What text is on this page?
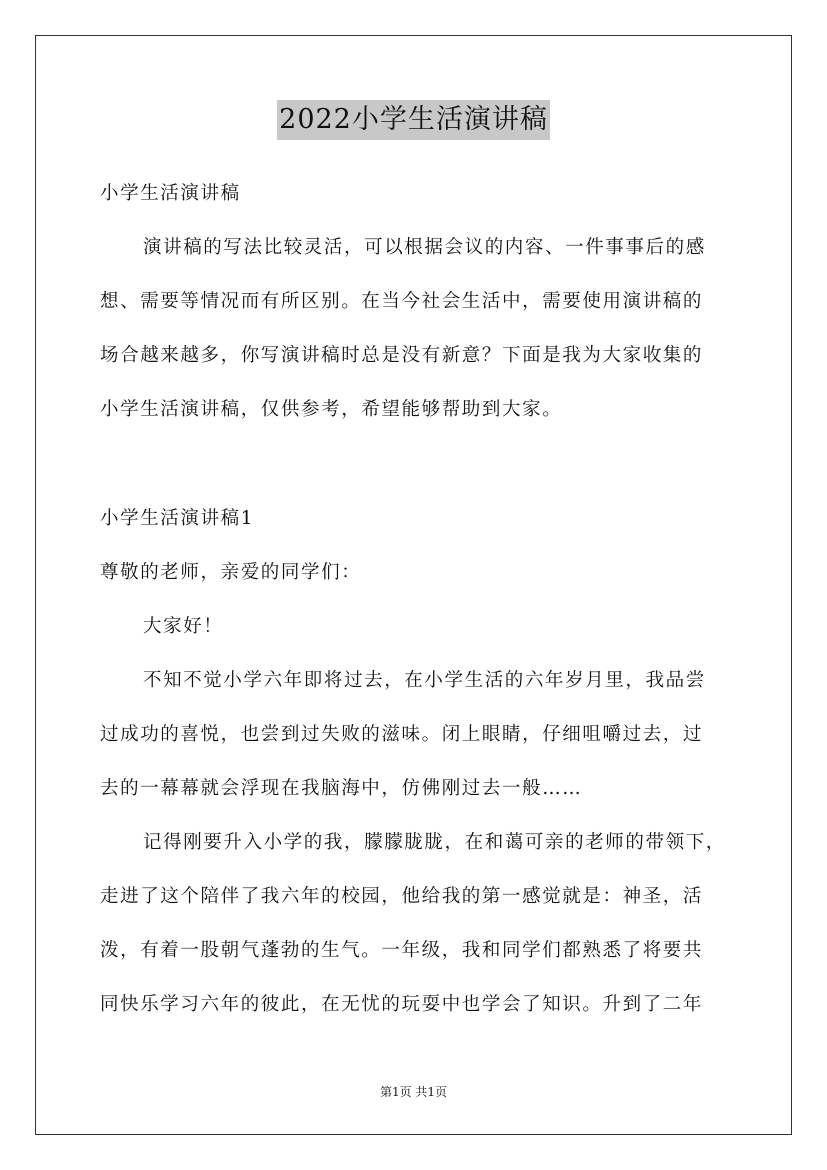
2022小学生活演讲稿
小学生活演讲稿
演讲稿的写法比较灵活，可以根据会议的内容、一件事事后的感
想、需要等情况而有所区别。在当今社会生活中，需要使用演讲稿的
场合越来越多，你写演讲稿时总是没有新意？下面是我为大家收集的
小学生活演讲稿，仅供参考，希望能够帮助到大家。
小学生活演讲稿1
尊敬的老师，亲爱的同学们：
大家好！
不知不觉小学六年即将过去，在小学生活的六年岁月里，我品尝
过成功的喜悦，也尝到过失败的滋味。闭上眼睛，仔细咀嚼过去，过
去的一幕幕就会浮现在我脑海中，仿佛刚过去一般……
记得刚要升入小学的我，朦朦胧胧，在和蔼可亲的老师的带领下，
走进了这个陪伴了我六年的校园，他给我的第一感觉就是：神圣，活
泼，有着一股朝气蓬勃的生气。一年级，我和同学们都熟悉了将要共
同快乐学习六年的彼此，在无忧的玩耍中也学会了知识。升到了二年
第1页 共1页
